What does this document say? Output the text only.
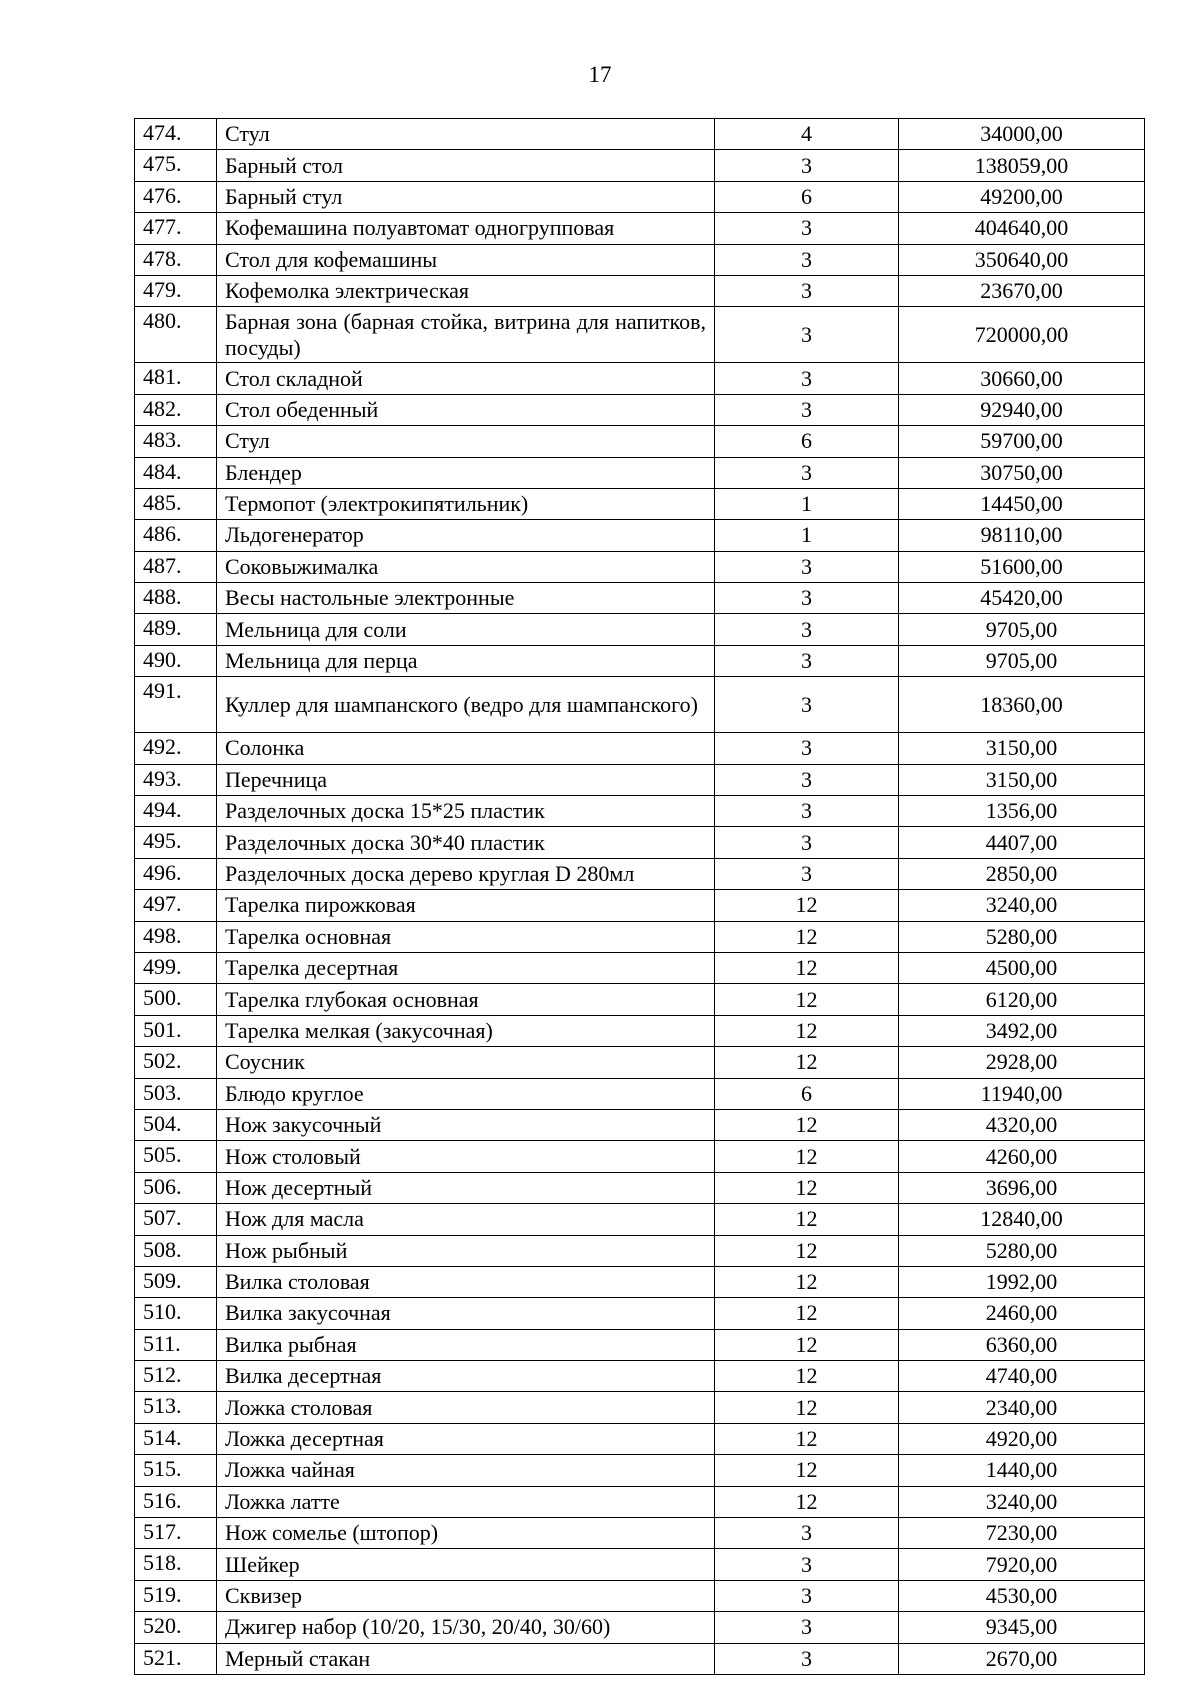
17
474.	Стул	4	34000,00
475.	Барный стол	3	138059,00
476.	Барный стул	6	49200,00
477.	Кофемашина полуавтомат одногрупповая	3	404640,00
478.	Стол для кофемашины	3	350640,00
479.	Кофемолка электрическая	3	23670,00
480.	Барная зона (барная стойка, витрина для напитков, посуды)	3	720000,00
481.	Стол складной	3	30660,00
482.	Стол обеденный	3	92940,00
483.	Стул	6	59700,00
484.	Блендер	3	30750,00
485.	Термопот (электрокипятильник)	1	14450,00
486.	Льдогенератор	1	98110,00
487.	Соковыжималка	3	51600,00
488.	Весы настольные электронные	3	45420,00
489.	Мельница для соли	3	9705,00
490.	Мельница для перца	3	9705,00
491.	Куллер для шампанского (ведро для шампанского)	3	18360,00
492.	Солонка	3	3150,00
493.	Перечница	3	3150,00
494.	Разделочных доска 15*25 пластик	3	1356,00
495.	Разделочных доска 30*40 пластик	3	4407,00
496.	Разделочных доска дерево круглая D 280мл	3	2850,00
497.	Тарелка пирожковая	12	3240,00
498.	Тарелка основная	12	5280,00
499.	Тарелка десертная	12	4500,00
500.	Тарелка глубокая основная	12	6120,00
501.	Тарелка мелкая (закусочная)	12	3492,00
502.	Соусник	12	2928,00
503.	Блюдо круглое	6	11940,00
504.	Нож закусочный	12	4320,00
505.	Нож столовый	12	4260,00
506.	Нож десертный	12	3696,00
507.	Нож для масла	12	12840,00
508.	Нож рыбный	12	5280,00
509.	Вилка столовая	12	1992,00
510.	Вилка закусочная	12	2460,00
511.	Вилка рыбная	12	6360,00
512.	Вилка десертная	12	4740,00
513.	Ложка столовая	12	2340,00
514.	Ложка десертная	12	4920,00
515.	Ложка чайная	12	1440,00
516.	Ложка латте	12	3240,00
517.	Нож сомелье (штопор)	3	7230,00
518.	Шейкер	3	7920,00
519.	Сквизер	3	4530,00
520.	Джигер набор (10/20, 15/30, 20/40, 30/60)	3	9345,00
521.	Мерный стакан	3	2670,00
